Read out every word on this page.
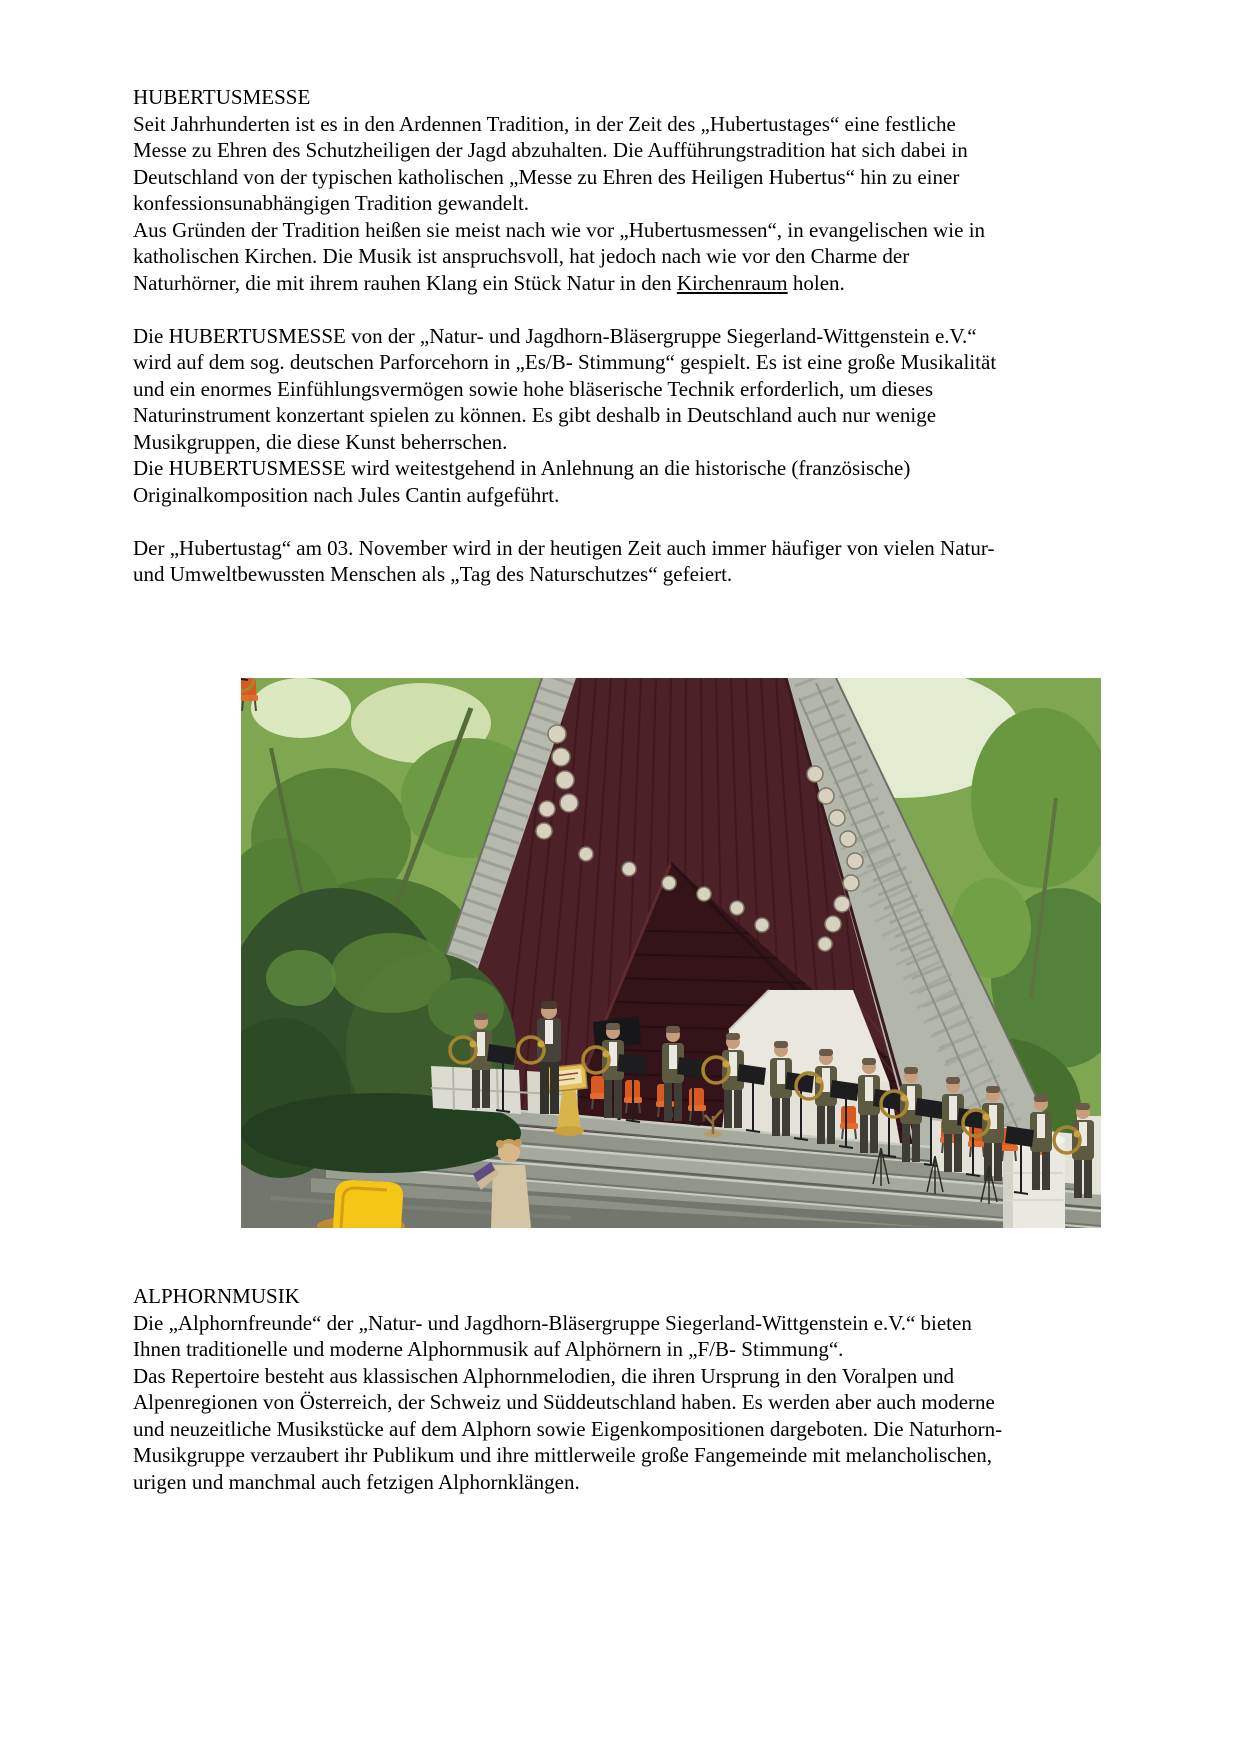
HUBERTUSMESSE
Seit Jahrhunderten ist es in den Ardennen Tradition, in der Zeit des „Hubertustages“ eine festliche
Messe zu Ehren des Schutzheiligen der Jagd abzuhalten. Die Aufführungstradition hat sich dabei in
Deutschland von der typischen katholischen „Messe zu Ehren des Heiligen Hubertus“ hin zu einer
konfessionsunabhängigen Tradition gewandelt.
Aus Gründen der Tradition heißen sie meist nach wie vor „Hubertusmessen“, in evangelischen wie in
katholischen Kirchen. Die Musik ist anspruchsvoll, hat jedoch nach wie vor den Charme der
Naturhörner, die mit ihrem rauhen Klang ein Stück Natur in den Kirchenraum holen.
Die HUBERTUSMESSE von der „Natur- und Jagdhorn-Bläsergruppe Siegerland-Wittgenstein e.V.“
wird auf dem sog. deutschen Parforcehorn in „Es/B- Stimmung“ gespielt. Es ist eine große Musikalität
und ein enormes Einfühlungsvermögen sowie hohe bläserische Technik erforderlich, um dieses
Naturinstrument konzertant spielen zu können. Es gibt deshalb in Deutschland auch nur wenige
Musikgruppen, die diese Kunst beherrschen.
Die HUBERTUSMESSE wird weitestgehend in Anlehnung an die historische (französische)
Originalkomposition nach Jules Cantin aufgeführt.
Der „Hubertustag“ am 03. November wird in der heutigen Zeit auch immer häufiger von vielen Natur-
und Umweltbewussten Menschen als „Tag des Naturschutzes“ gefeiert.
ALPHORNMUSIK
Die „Alphornfreunde“ der „Natur- und Jagdhorn-Bläsergruppe Siegerland-Wittgenstein e.V.“ bieten
Ihnen traditionelle und moderne Alphornmusik auf Alphörnern in „F/B- Stimmung“.
Das Repertoire besteht aus klassischen Alphornmelodien, die ihren Ursprung in den Voralpen und
Alpenregionen von Österreich, der Schweiz und Süddeutschland haben. Es werden aber auch moderne
und neuzeitliche Musikstücke auf dem Alphorn sowie Eigenkompositionen dargeboten. Die Naturhorn-
Musikgruppe verzaubert ihr Publikum und ihre mittlerweile große Fangemeinde mit melancholischen,
urigen und manchmal auch fetzigen Alphornklängen.
